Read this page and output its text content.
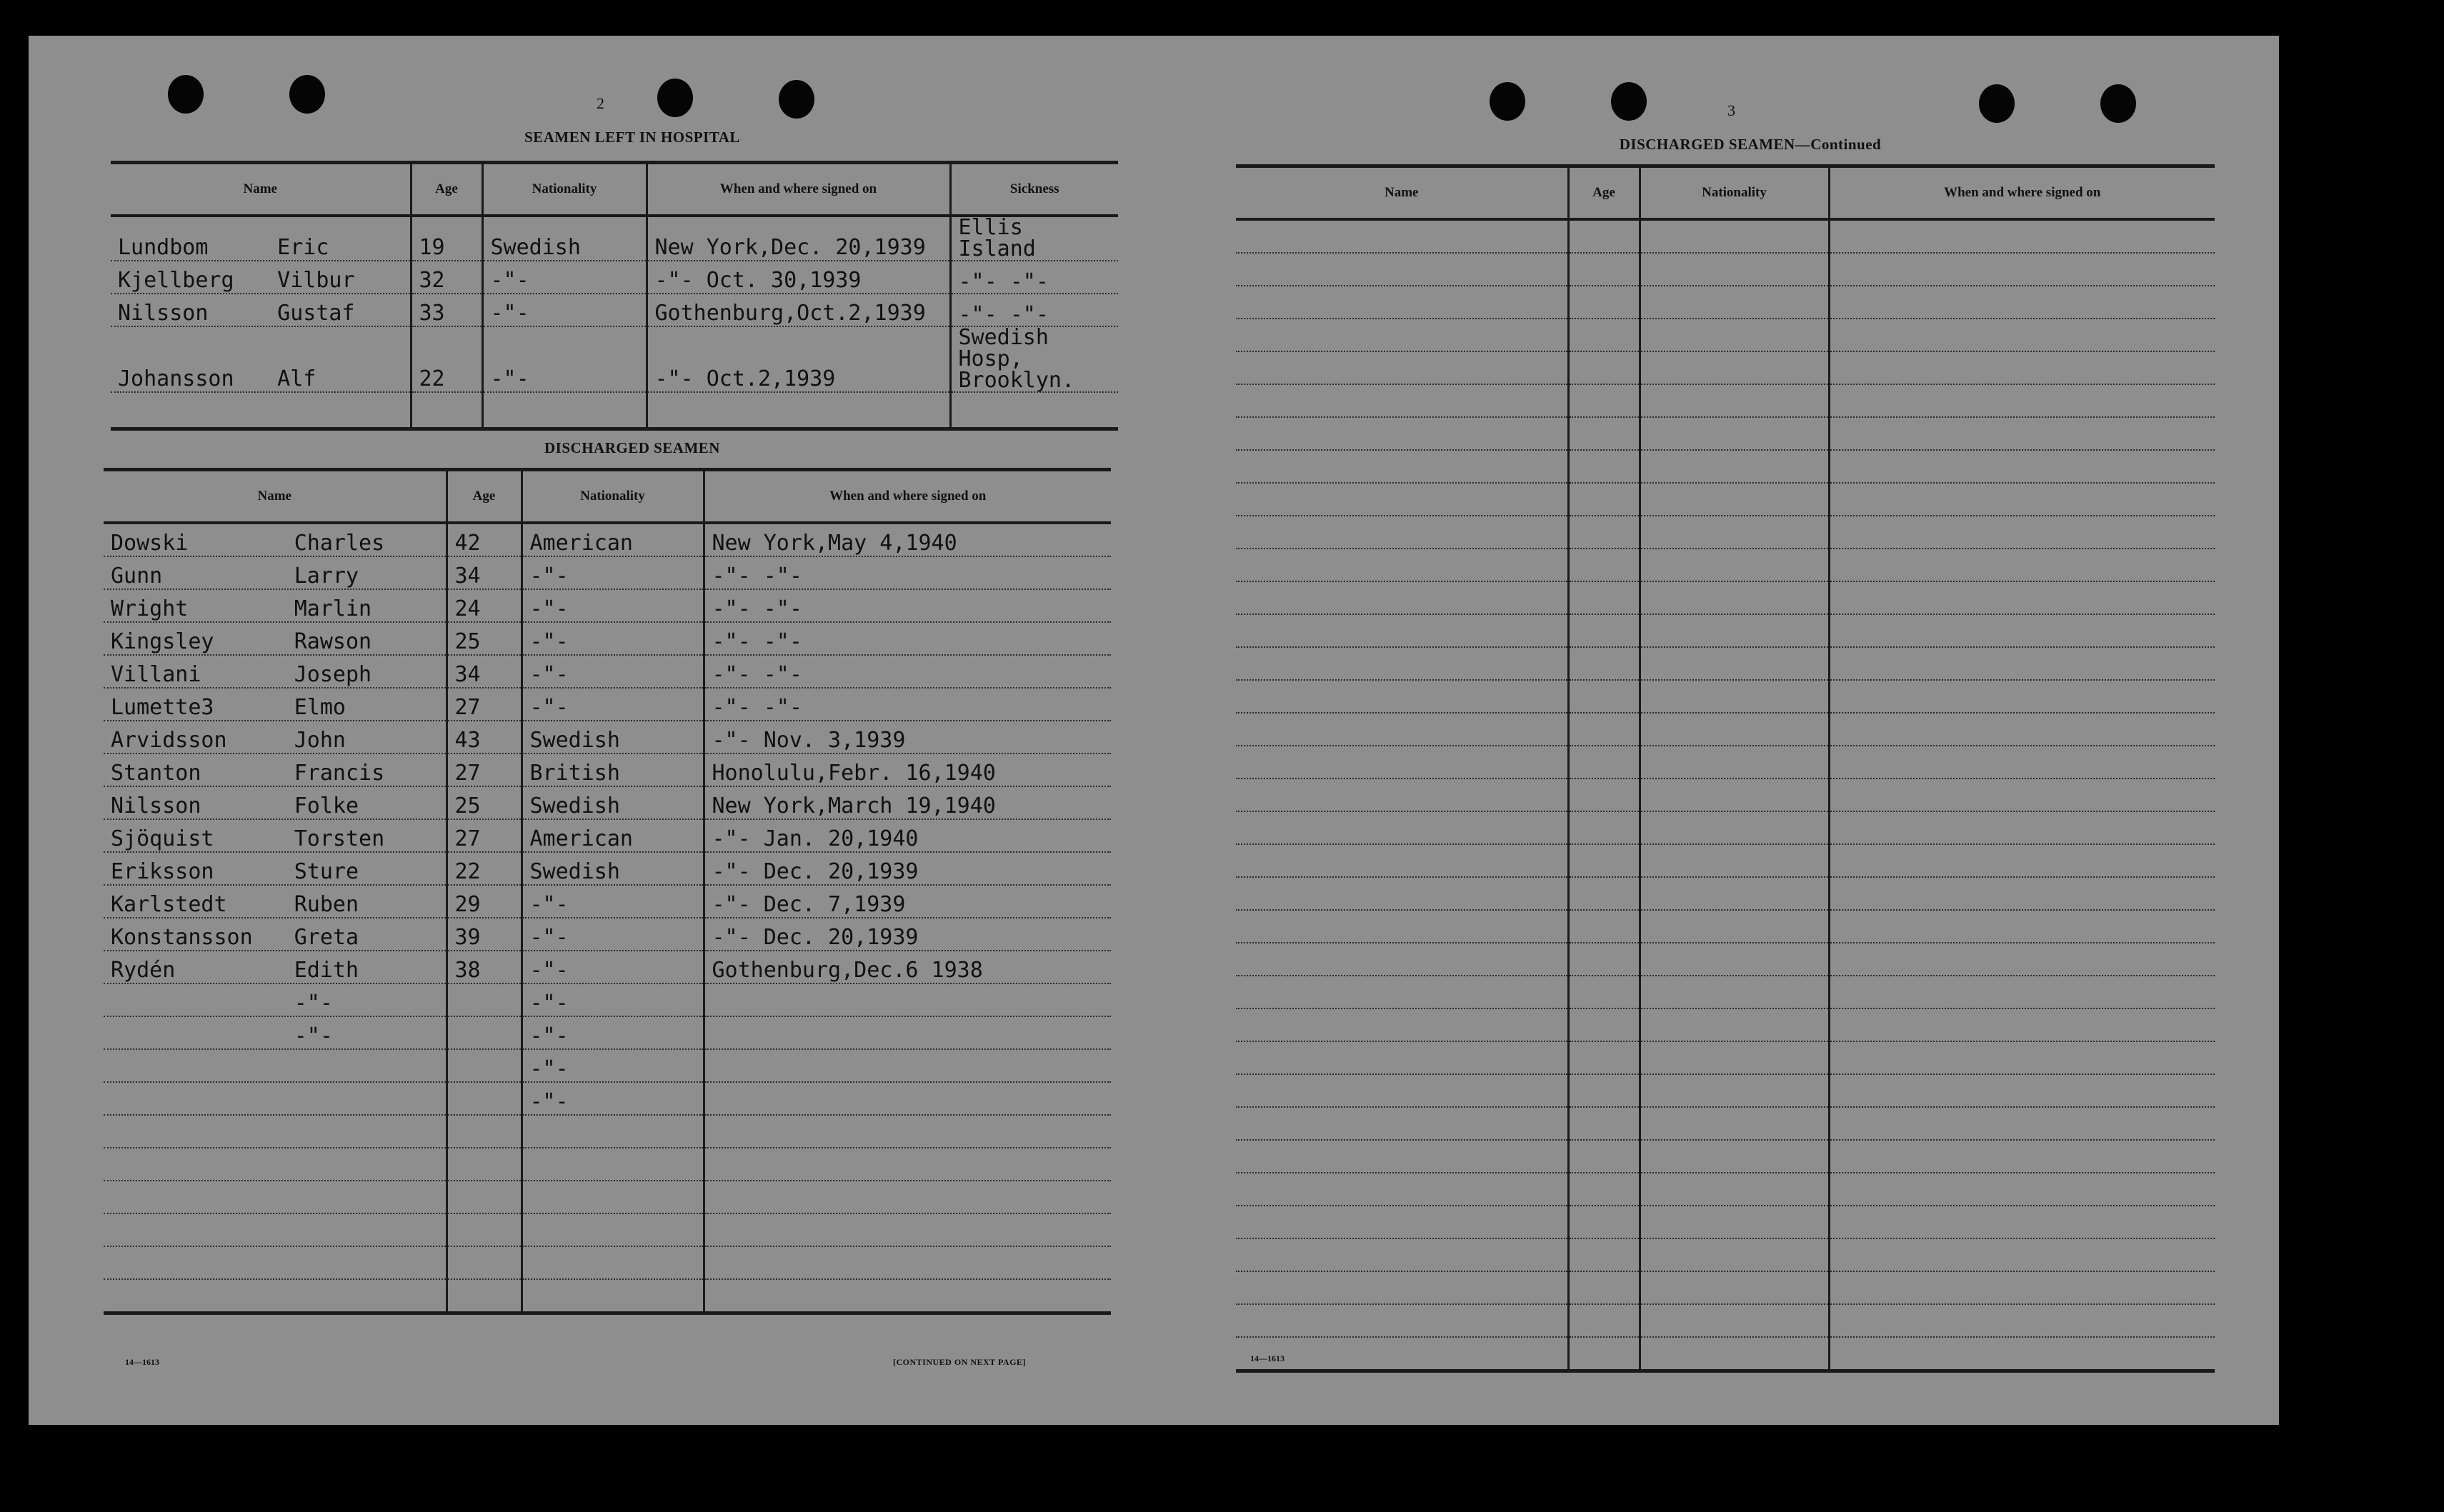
2
SEAMEN LEFT IN HOSPITAL
Name	Age	Nationality	When and where signed on	Sickness

Lundbom Eric	19	Swedish	New York,Dec. 20,1939	Ellis Island

Kjellberg Vilbur	32	-"-	-"- Oct. 30,1939	-"- -"-

Nilsson Gustaf	33	-"-	Gothenburg,Oct.2,1939	-"- -"-

Johansson Alf	22	-"-	-"- Oct.2,1939	Swedish Hosp, Brooklyn.

DISCHARGED SEAMEN
Name	Age	Nationality	When and where signed on

Dowski Charles	42	American	New York,May 4,1940

Gunn Larry	34	-"-	-"- -"-

Wright Marlin	24	-"-	-"- -"-

Kingsley Rawson	25	-"-	-"- -"-

Villani Joseph	34	-"-	-"- -"-

Lumette3 Elmo	27	-"-	-"- -"-

Arvidsson John	43	Swedish	-"- Nov. 3,1939

Stanton Francis	27	British	Honolulu,Febr. 16,1940

Nilsson Folke	25	Swedish	New York,March 19,1940

Sjöquist Torsten	27	American	-"- Jan. 20,1940

Eriksson Sture	22	Swedish	-"- Dec. 20,1939

Karlstedt Ruben	29	-"-	-"- Dec. 7,1939

Konstansson Greta	39	-"-	-"- Dec. 20,1939

Rydén Edith	38	-"-	Gothenburg,Dec.6 1938

-"-		-"-	

-"-		-"-	

		-"-	

		-"-	

14—1613	[CONTINUED ON NEXT PAGE]
3
DISCHARGED SEAMEN—Continued
Name	Age	Nationality	When and where signed on

14—1613
